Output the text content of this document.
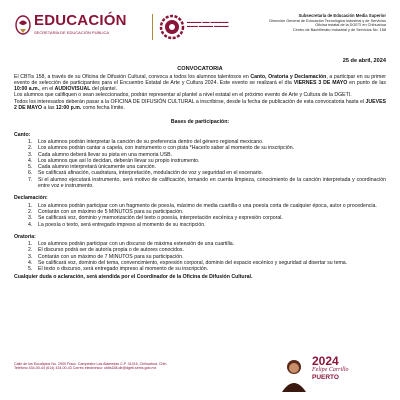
EDUCACIÓN
SECRETARÍA DE EDUCACIÓN PÚBLICA
▬▬▬▬ ▬▬ ▬▬▬▬▬
▬▬▬ ▬▬▬▬ ▬▬▬▬
Subsecretaría de Educación Media Superior
Dirección General de Educación Tecnológica Industrial y de Servicios
Oficina estatal de la DGETI en Chihuahua
Centro de Bachillerato Industrial y de Servicios No. 158
25 de abril, 2024
CONVOCATORIA

El CBTis 158, a través de su Oficina de Difusión Cultural, convoca a todos los alumnos talentosos en Canto, Oratoria y Declamación, a participar en su primer evento de selección de participantes para el Encuentro Estatal de Arte y Cultura 2024. Este evento se realizará el día VIERNES 3 DE MAYO en punto de las 10:00 a.m., en el AUDIOVISUAL del plantel.

Los alumnos que califiquen o sean seleccionados, podrán representar al plantel a nivel estatal en el próximo evento de Arte y Cultura de la DGETI.

Todos los interesados deberán pasar a la OFICINA DE DIFUSIÓN CULTURAL a inscribirse, desde la fecha de publicación de esta convocatoria hasta el JUEVES 2 DE MAYO a las 12:00 p.m. como fecha límite.

Bases de participación:
Canto:
1. Los alumnos podrán interpretar la canción de su preferencia dentro del género regional mexicano.
2. Los alumnos podrán cantar a capela, con instrumento o con pista *Hacerlo saber al momento de su inscripción.
3. Cada alumno deberá llevar su pista en una memoria USB.
4. Los alumnos que así lo decidan, deberán llevar su propio instrumento.
5. Cada alumno interpretará únicamente una canción.
6. Se calificará afinación, cuadratura, interpretación, modulación de voz y seguridad en el escenario.
7. Si el alumno ejecutará instrumento, será motivo de calificación, tomando en cuenta limpieza, conocimiento de la canción interpretada y coordinación entre voz e instrumento.
Declamación:
1. Los alumnos podrán participar con un fragmento de poesía, máximo de media cuartilla o una poesía corta de cualquier época, autor o procedencia.
2. Contarán con un máximo de 5 MINUTOS para su participación.
3. Se calificará voz, dominio y memorización del texto o poesía, interpretación escénica y expresión corporal.
4. La poesía o texto, será entregado impreso al momento de su inscripción.
Oratoria:
1. Los alumnos podrán participar con un discurso de máxima extensión de una cuartilla.
2. El discurso podrá ser de autoría propia o de autores conocidos.
3. Contarán con un máximo de 7 MINUTOS para su participación.
4. Se calificará voz, dominio del tema, convencimiento, expresión corporal, dominio del espacio escénico y seguridad al disertar su tema.
5. El texto o discurso, será entregado impreso al momento de su inscripción.
Cualquier duda o aclaración, será atendida por el Coordinador de la Oficina de Difusión Cultural.
Calle de los Eucaliptos No. 2900 Fracc. Campestre Las Alamedas C.P. 31415, Chihuahua, Chih.
Teléfono 434-00-44 (614) 434-00-43 Correo electrónico: cbtis158.dir@dgeti.sems.gob.mx
2024
Felipe Carrillo
PUERTO
